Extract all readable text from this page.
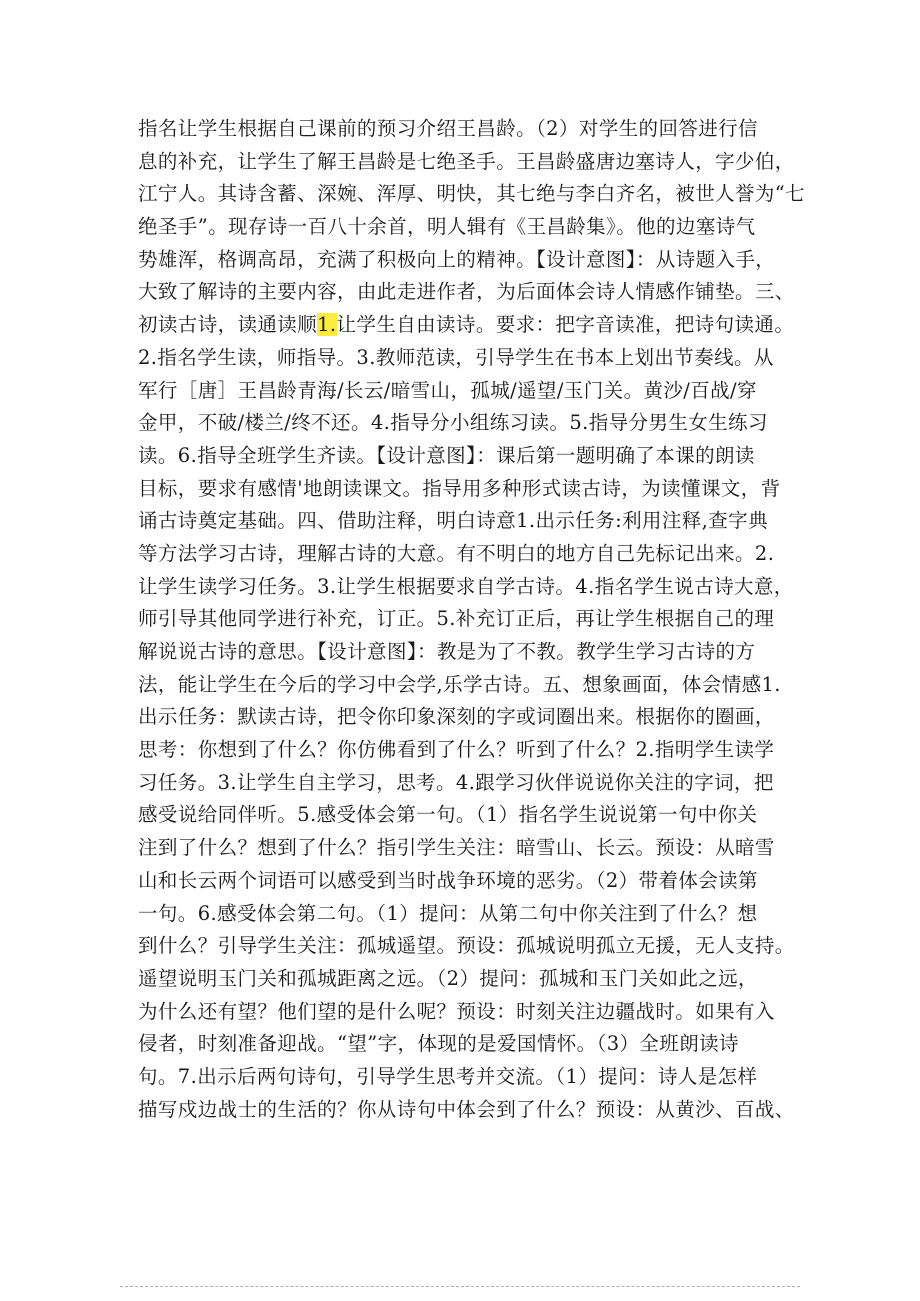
指名让学生根据自己课前的预习介绍王昌龄。（2）对学生的回答进行信
息的补充，让学生了解王昌龄是七绝圣手。王昌龄盛唐边塞诗人，字少伯，
江宁人。其诗含蓄、深婉、浑厚、明快，其七绝与李白齐名，被世人誉为“七
绝圣手”。现存诗一百八十余首，明人辑有《王昌龄集》。他的边塞诗气
势雄浑，格调高昂，充满了积极向上的精神。【设计意图】：从诗题入手，
大致了解诗的主要内容，由此走进作者，为后面体会诗人情感作铺垫。三、
初读古诗，读通读顺1.让学生自由读诗。要求：把字音读准，把诗句读通。
2.指名学生读，师指导。3.教师范读，引导学生在书本上划出节奏线。从
军行［唐］王昌龄青海/长云/暗雪山，孤城/遥望/玉门关。黄沙/百战/穿
金甲，不破/楼兰/终不还。4.指导分小组练习读。5.指导分男生女生练习
读。6.指导全班学生齐读。【设计意图】：课后第一题明确了本课的朗读
目标，要求有感情'地朗读课文。指导用多种形式读古诗，为读懂课文，背
诵古诗奠定基础。四、借助注释，明白诗意1.出示任务:利用注释,查字典
等方法学习古诗，理解古诗的大意。有不明白的地方自己先标记出来。2.
让学生读学习任务。3.让学生根据要求自学古诗。4.指名学生说古诗大意，
师引导其他同学进行补充，订正。5.补充订正后，再让学生根据自己的理
解说说古诗的意思。【设计意图】：教是为了不教。教学生学习古诗的方
法，能让学生在今后的学习中会学,乐学古诗。五、想象画面，体会情感1.
出示任务：默读古诗，把令你印象深刻的字或词圈出来。根据你的圈画，
思考：你想到了什么？你仿佛看到了什么？听到了什么？2.指明学生读学
习任务。3.让学生自主学习，思考。4.跟学习伙伴说说你关注的字词，把
感受说给同伴听。5.感受体会第一句。（1）指名学生说说第一句中你关
注到了什么？想到了什么？指引学生关注：暗雪山、长云。预设：从暗雪
山和长云两个词语可以感受到当时战争环境的恶劣。（2）带着体会读第
一句。6.感受体会第二句。（1）提问：从第二句中你关注到了什么？想
到什么？引导学生关注：孤城遥望。预设：孤城说明孤立无援，无人支持。
遥望说明玉门关和孤城距离之远。（2）提问：孤城和玉门关如此之远，
为什么还有望？他们望的是什么呢？预设：时刻关注边疆战时。如果有入
侵者，时刻准备迎战。“望”字，体现的是爱国情怀。（3）全班朗读诗
句。7.出示后两句诗句，引导学生思考并交流。（1）提问：诗人是怎样
描写戍边战士的生活的？你从诗句中体会到了什么？预设：从黄沙、百战、
